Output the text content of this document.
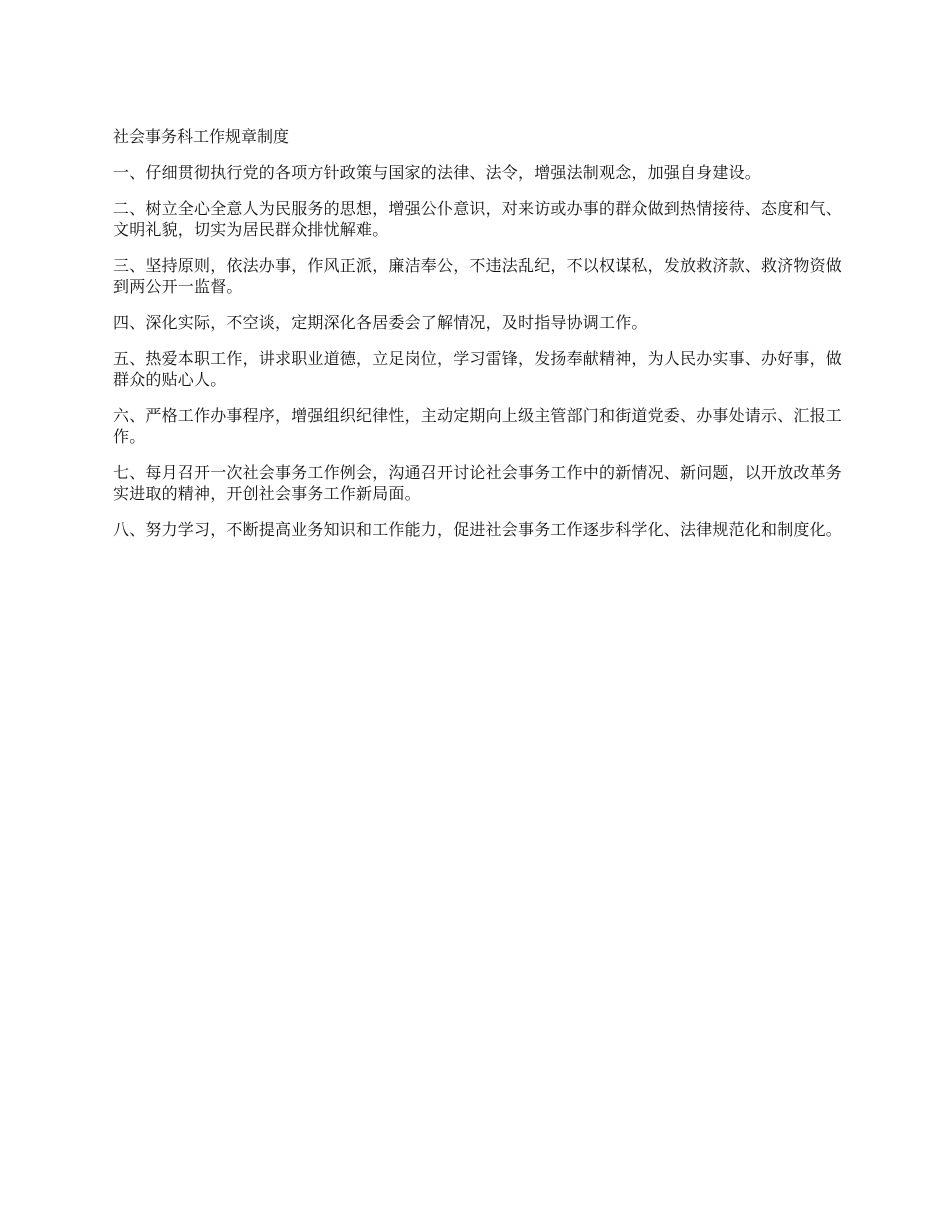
社会事务科工作规章制度

一、仔细贯彻执行党的各项方针政策与国家的法律、法令，增强法制观念，加强自身建设。

二、树立全心全意人为民服务的思想，增强公仆意识，对来访或办事的群众做到热情接待、态度和气、文明礼貌，切实为居民群众排忧解难。

三、坚持原则，依法办事，作风正派，廉洁奉公，不违法乱纪，不以权谋私，发放救济款、救济物资做到两公开一监督。

四、深化实际，不空谈，定期深化各居委会了解情况，及时指导协调工作。

五、热爱本职工作，讲求职业道德，立足岗位，学习雷锋，发扬奉献精神，为人民办实事、办好事，做群众的贴心人。

六、严格工作办事程序，增强组织纪律性，主动定期向上级主管部门和街道党委、办事处请示、汇报工作。

七、每月召开一次社会事务工作例会，沟通召开讨论社会事务工作中的新情况、新问题，以开放改革务实进取的精神，开创社会事务工作新局面。

八、努力学习，不断提高业务知识和工作能力，促进社会事务工作逐步科学化、法律规范化和制度化。
